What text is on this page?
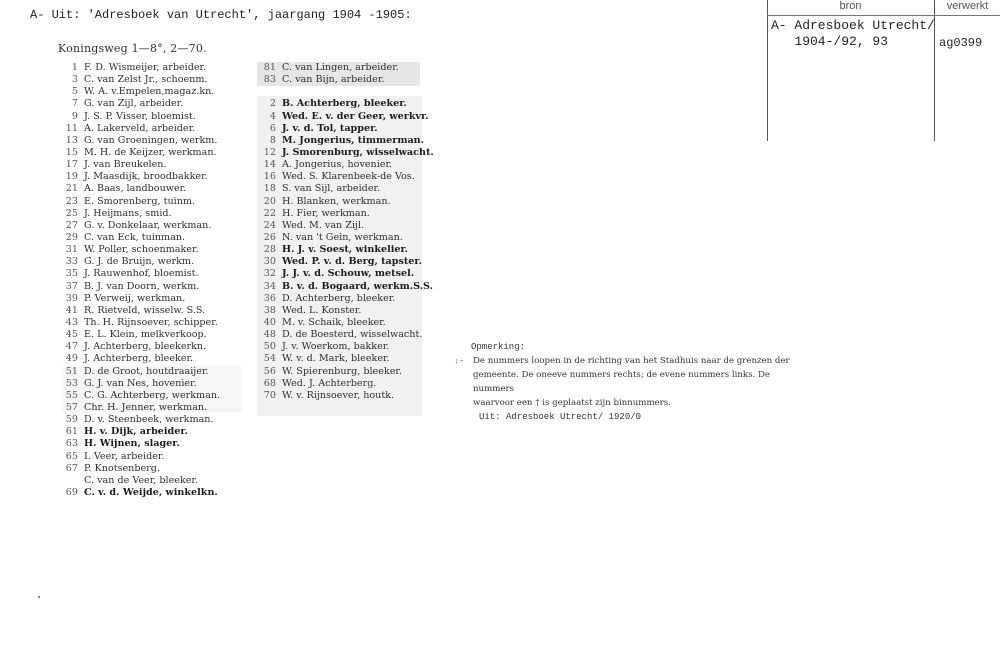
A- Uit: 'Adresboek van Utrecht', jaargang 1904 -1905:
bron	verwerkt
A- Adresboek Utrecht/
1904-/92, 93	ag0399
Koningsweg 1—8°, 2—70.
1 F. D. Wismeijer, arbeider.
3 C. van Zelst Jr., schoenm.
5 W. A. v.Empelen,magaz.kn.
7 G. van Zijl, arbeider.
9 J. S. P. Visser, bloemist.
11 A. Lakerveld, arbeider.
13 G. van Groeningen, werkm.
15 M. H. de Keijzer, werkman.
17 J. van Breukelen.
19 J. Maasdijk, broodbakker.
21 A. Baas, landbouwer.
23 E. Smorenberg, tuinm.
25 J. Heijmans, smid.
27 G. v. Donkelaar, werkman.
29 C. van Eck, tuinman.
31 W. Poller, schoenmaker.
33 G. J. de Bruijn, werkm.
35 J. Rauwenhof, bloemist.
37 B. J. van Doorn, werkm.
39 P. Verweij, werkman.
41 R. Rietveld, wisselw. S.S.
43 Th. H. Rijnsoever, schipper.
45 E. L. Klein, melkverkoop.
47 J. Achterberg, bleekerkn.
49 J. Achterberg, bleeker.
51 D. de Groot, houtdraaijer.
53 G. J. van Nes, hovenier.
55 C. G. Achterberg, werkman.
57 Chr. H. Jenner, werkman.
59 D. v. Steenbeek, werkman.
61 H. v. Dijk, arbeider.
63 H. Wijnen, slager.
65 I. Veer, arbeider.
67 P. Knotsenberg.
C. van de Veer, bleeker.
69 C. v. d. Weijde, winkelkn.
81 C. van Lingen, arbeider.
83 C. van Bijn, arbeider.
2 B. Achterberg, bleeker.
4 Wed. E. v. der Geer, werkvr.
6 J. v. d. Tol, tapper.
8 M. Jongerius, timmerman.
12 J. Smorenburg, wisselwacht.
14 A. Jongerius, hovenier.
16 Wed. S. Klarenbeek-de Vos.
18 S. van Sijl, arbeider.
20 H. Blanken, werkman.
22 H. Fier, werkman.
24 Wed. M. van Zijl.
26 N. van 't Gein, werkman.
28 H. J. v. Soest, winkelier.
30 Wed. P. v. d. Berg, tapster.
32 J. J. v. d. Schouw, metsel.
34 B. v. d. Bogaard, werkm.S.S.
36 D. Achterberg, bleeker.
38 Wed. L. Konster.
40 M. v. Schaik, bleeker.
48 D. de Boesterd, wisselwacht.
50 J. v. Woerkom, bakker.
54 W. v. d. Mark, bleeker.
56 W. Spierenburg, bleeker.
68 Wed. J. Achterberg.
70 W. v. Rijnsoever, houtk.
Opmerking:
: - De nummers loopen in de richting van het Stadhuis naar de grenzen der
gemeente. De oneeve nummers rechts; de evene nummers links. De nummers
waarvoor een † is geplaatst zijn binnummers.
Uit: Adresboek Utrecht/ 1920/0
